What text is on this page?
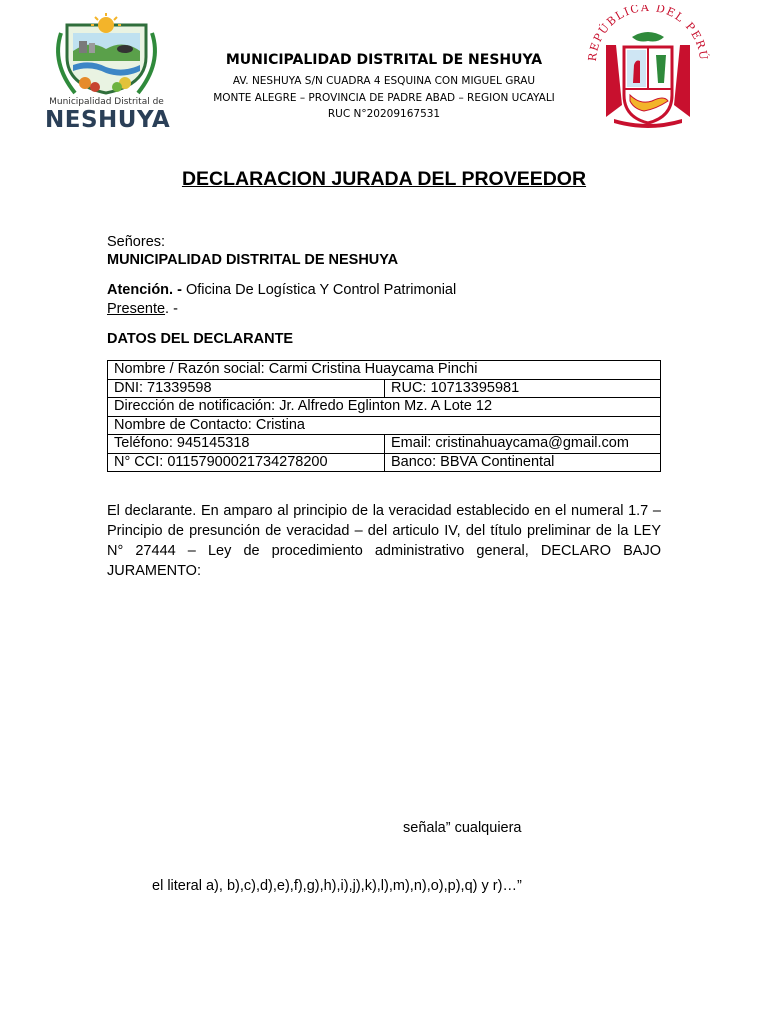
Municipalidad Distrital de
NESHUYA
MUNICIPALIDAD DISTRITAL DE NESHUYA
AV. NESHUYA S/N CUADRA 4 ESQUINA CON MIGUEL GRAU
MONTE ALEGRE – PROVINCIA DE PADRE ABAD – REGION UCAYALI
RUC N°20209167531
REPÚBLICA DEL PERÚ
DECLARACION JURADA DEL PROVEEDOR
Señores:
MUNICIPALIDAD DISTRITAL DE NESHUYA
Atención. - Oficina De Logística Y Control Patrimonial
Presente. -
DATOS DEL DECLARANTE
Nombre / Razón social: Carmi Cristina Huaycama Pinchi	
DNI: 71339598	RUC: 10713395981
Dirección de notificación: Jr. Alfredo Eglinton Mz. A Lote 12	
Nombre de Contacto: Cristina	
Teléfono: 945145318	Email: cristinahuaycama@gmail.com
N° CCI: 01157900021734278200	Banco: BBVA Continental
El declarante. En amparo al principio de la veracidad establecido en el numeral 1.7 – Principio de presunción de veracidad – del articulo IV, del título preliminar de la LEY N° 27444 – Ley de procedimiento administrativo general, DECLARO BAJO JURAMENTO:
señala” cualquiera
el literal a), b),c),d),e),f),g),h),i),j),k),l),m),n),o),p),q) y r)…”
